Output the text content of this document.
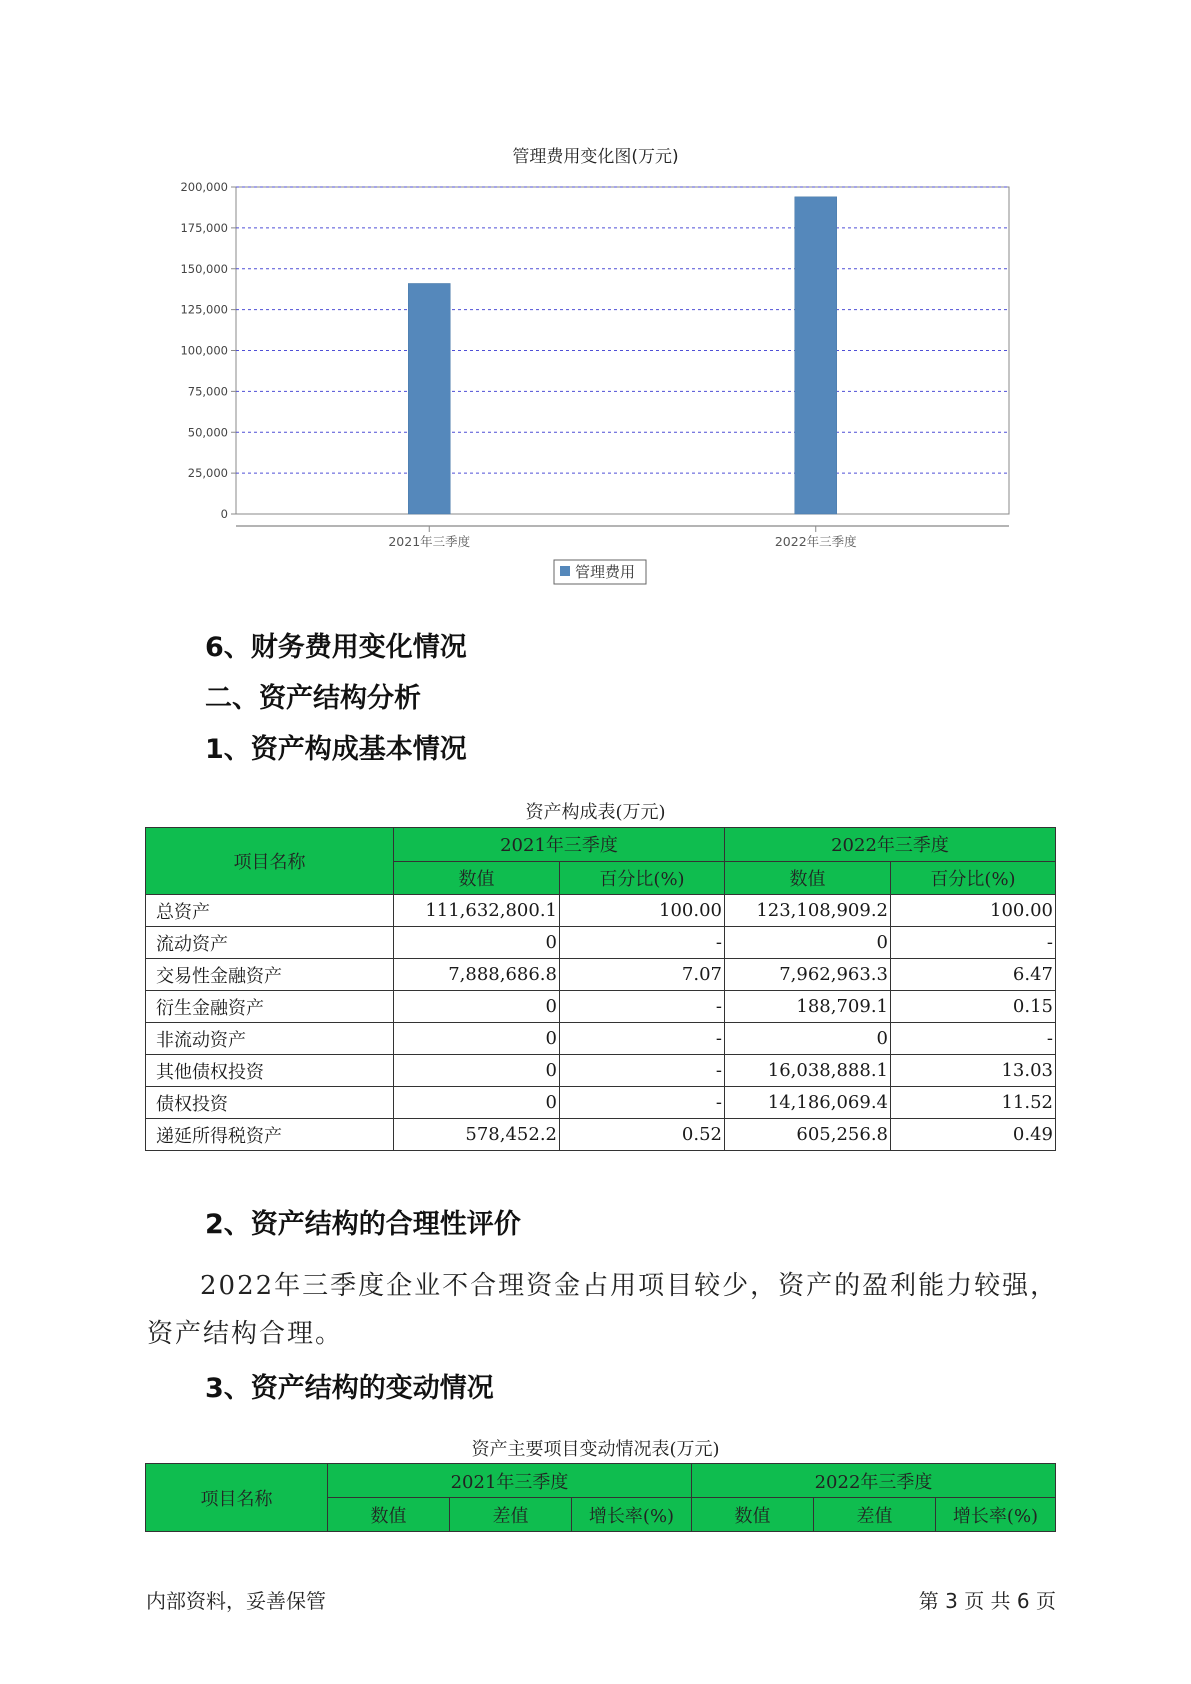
管理费用变化图(万元)
0
25,000
50,000
75,000
100,000
125,000
150,000
175,000
200,000
2021年三季度	2022年三季度
管理费用
6、财务费用变化情况
二、资产结构分析
1、资产构成基本情况
资产构成表(万元)
项目名称	2021年三季度		2022年三季度	
	数值	百分比(%)	数值	百分比(%)
总资产	111,632,800.1	100.00	123,108,909.2	100.00
流动资产	0	-	0	-
交易性金融资产	7,888,686.8	7.07	7,962,963.3	6.47
衍生金融资产	0	-	188,709.1	0.15
非流动资产	0	-	0	-
其他债权投资	0	-	16,038,888.1	13.03
债权投资	0	-	14,186,069.4	11.52
递延所得税资产	578,452.2	0.52	605,256.8	0.49
2、资产结构的合理性评价
2022年三季度企业不合理资金占用项目较少，资产的盈利能力较强，
资产结构合理。
3、资产结构的变动情况
资产主要项目变动情况表(万元)
项目名称	2021年三季度			2022年三季度		
	数值	差值	增长率(%)	数值	差值	增长率(%)
内部资料，妥善保管	第 3 页 共 6 页
